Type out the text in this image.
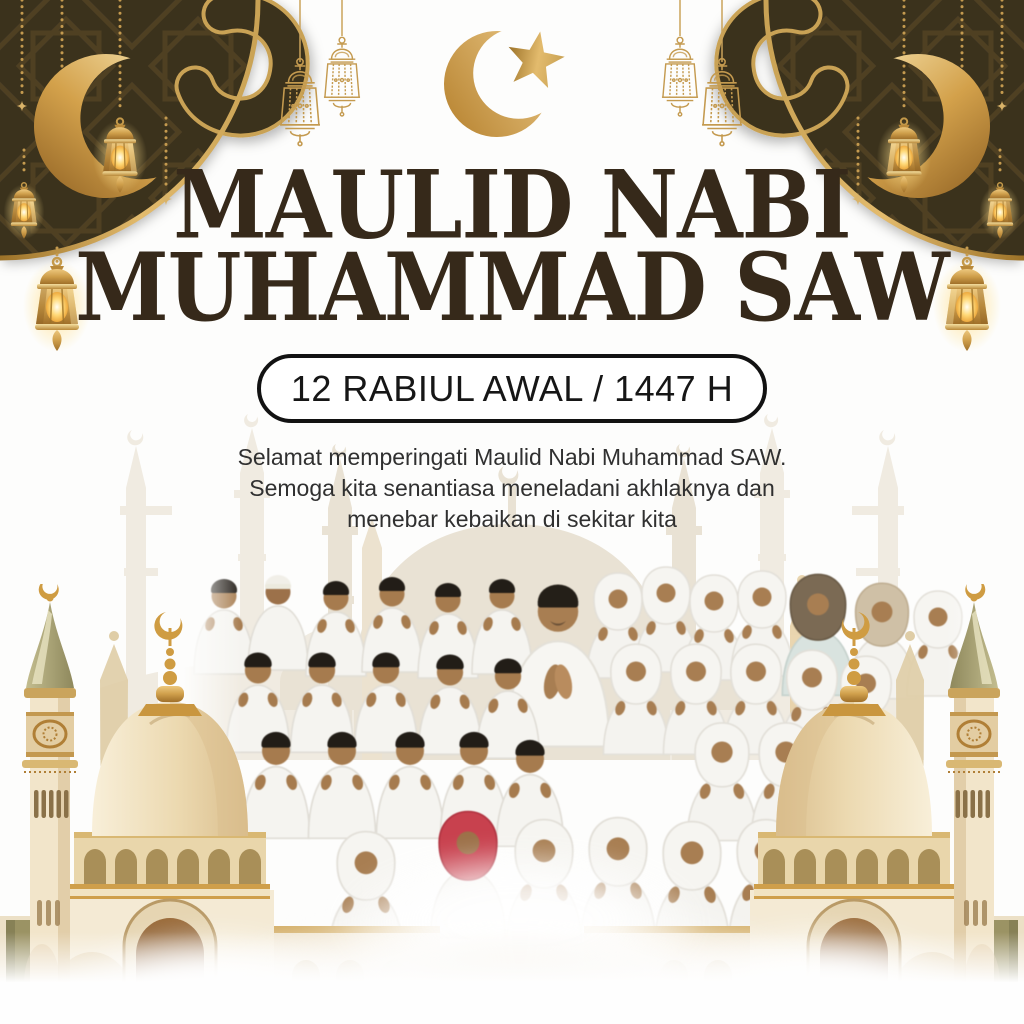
MAULID NABI
MUHAMMAD SAW
12 RABIUL AWAL / 1447 H
Selamat memperingati Maulid Nabi Muhammad SAW.
Semoga kita senantiasa meneladani akhlaknya dan
menebar kebaikan di sekitar kita
